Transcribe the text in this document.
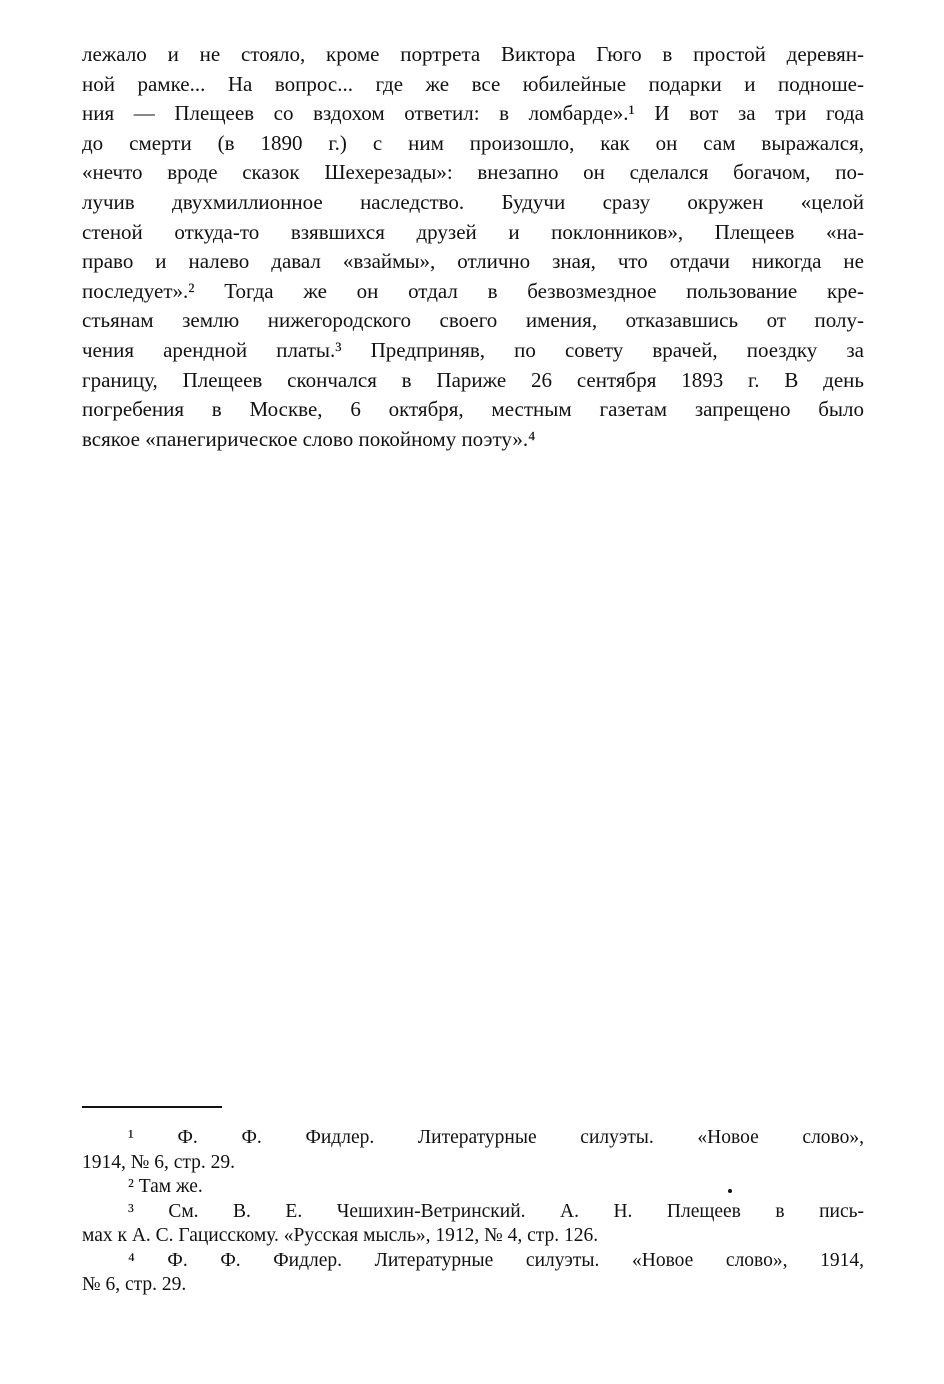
лежало и не стояло, кроме портрета Виктора Гюго в простой деревян-
ной рамке... На вопрос... где же все юбилейные подарки и подноше-
ния — Плещеев со вздохом ответил: в ломбарде».¹ И вот за три года
до смерти (в 1890 г.) с ним произошло, как он сам выражался,
«нечто вроде сказок Шехерезады»: внезапно он сделался богачом, по-
лучив двухмиллионное наследство. Будучи сразу окружен «целой
стеной откуда-то взявшихся друзей и поклонников», Плещеев «на-
право и налево давал «взаймы», отлично зная, что отдачи никогда не
последует».² Тогда же он отдал в безвозмездное пользование кре-
стьянам землю нижегородского своего имения, отказавшись от полу-
чения арендной платы.³ Предприняв, по совету врачей, поездку за
границу, Плещеев скончался в Париже 26 сентября 1893 г. В день
погребения в Москве, 6 октября, местным газетам запрещено было
всякое «панегирическое слово покойному поэту».⁴
¹ Ф. Ф. Фидлер. Литературные силуэты. «Новое слово»,
1914, № 6, стр. 29.
² Там же.
³ См. В. Е. Чешихин-Ветринский. А. Н. Плещеев в пись-
мах к А. С. Гацисскому. «Русская мысль», 1912, № 4, стр. 126.
⁴ Ф. Ф. Фидлер. Литературные силуэты. «Новое слово», 1914,
№ 6, стр. 29.
